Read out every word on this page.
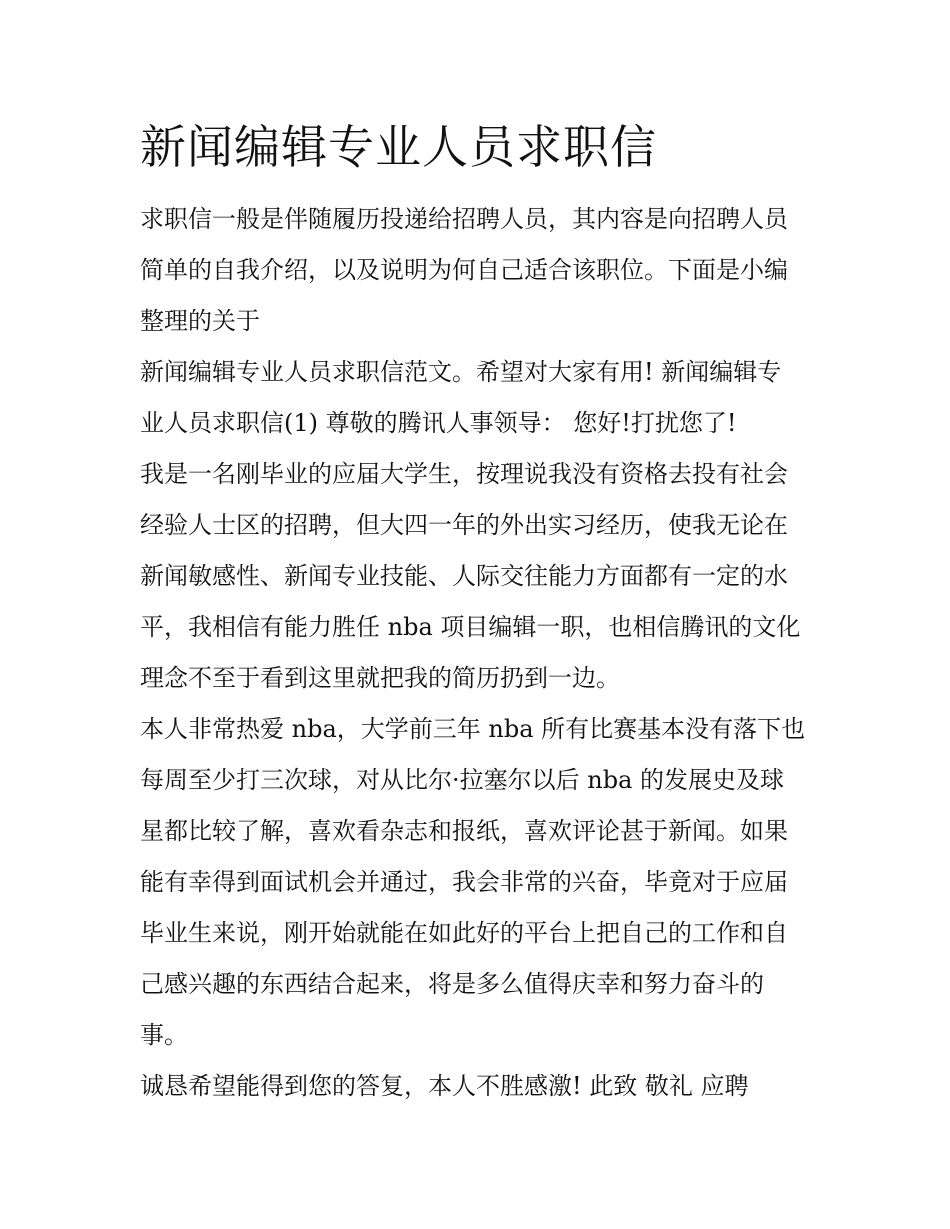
新闻编辑专业人员求职信

求职信一般是伴随履历投递给招聘人员，其内容是向招聘人员

简单的自我介绍，以及说明为何自己适合该职位。下面是小编

整理的关于

新闻编辑专业人员求职信范文。希望对大家有用! 新闻编辑专

业人员求职信(1) 尊敬的腾讯人事领导： 您好!打扰您了!

我是一名刚毕业的应届大学生，按理说我没有资格去投有社会

经验人士区的招聘，但大四一年的外出实习经历，使我无论在

新闻敏感性、新闻专业技能、人际交往能力方面都有一定的水

平，我相信有能力胜任 nba 项目编辑一职，也相信腾讯的文化

理念不至于看到这里就把我的简历扔到一边。

本人非常热爱 nba，大学前三年 nba 所有比赛基本没有落下也

每周至少打三次球，对从比尔·拉塞尔以后 nba 的发展史及球

星都比较了解，喜欢看杂志和报纸，喜欢评论甚于新闻。如果

能有幸得到面试机会并通过，我会非常的兴奋，毕竟对于应届

毕业生来说，刚开始就能在如此好的平台上把自己的工作和自

己感兴趣的东西结合起来，将是多么值得庆幸和努力奋斗的

事。

诚恳希望能得到您的答复，本人不胜感激! 此致 敬礼 应聘
